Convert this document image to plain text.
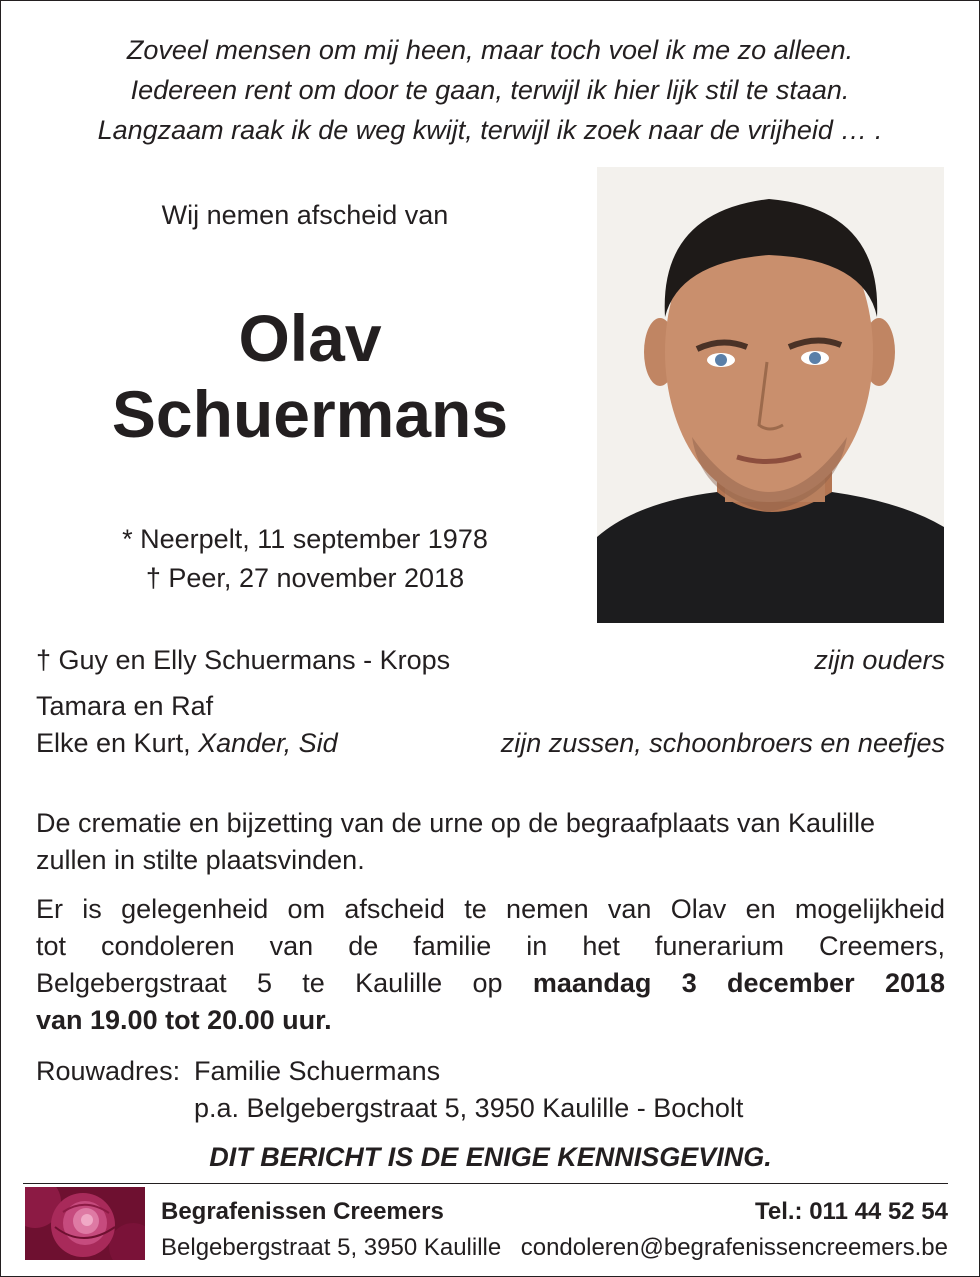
Zoveel mensen om mij heen, maar toch voel ik me zo alleen.
Iedereen rent om door te gaan, terwijl ik hier lijk stil te staan.
Langzaam raak ik de weg kwijt, terwijl ik zoek naar de vrijheid … .
Wij nemen afscheid van
Olav
Schuermans
* Neerpelt, 11 september 1978
† Peer, 27 november 2018
† Guy en Elly Schuermans - Krops	zijn ouders
Tamara en Raf
Elke en Kurt, Xander, Sid	zijn zussen, schoonbroers en neefjes
De crematie en bijzetting van de urne op de begraafplaats van Kaulille
zullen in stilte plaatsvinden.
Er is gelegenheid om afscheid te nemen van Olav en mogelijkheid
tot condoleren van de familie in het funerarium Creemers,
Belgebergstraat 5 te Kaulille op maandag 3 december 2018
van 19.00 tot 20.00 uur.
Rouwadres: Familie Schuermans
p.a. Belgebergstraat 5, 3950 Kaulille - Bocholt
DIT BERICHT IS DE ENIGE KENNISGEVING.
Begrafenissen Creemers
Belgebergstraat 5, 3950 Kaulille
Tel.: 011 44 52 54
condoleren@begrafenissencreemers.be
